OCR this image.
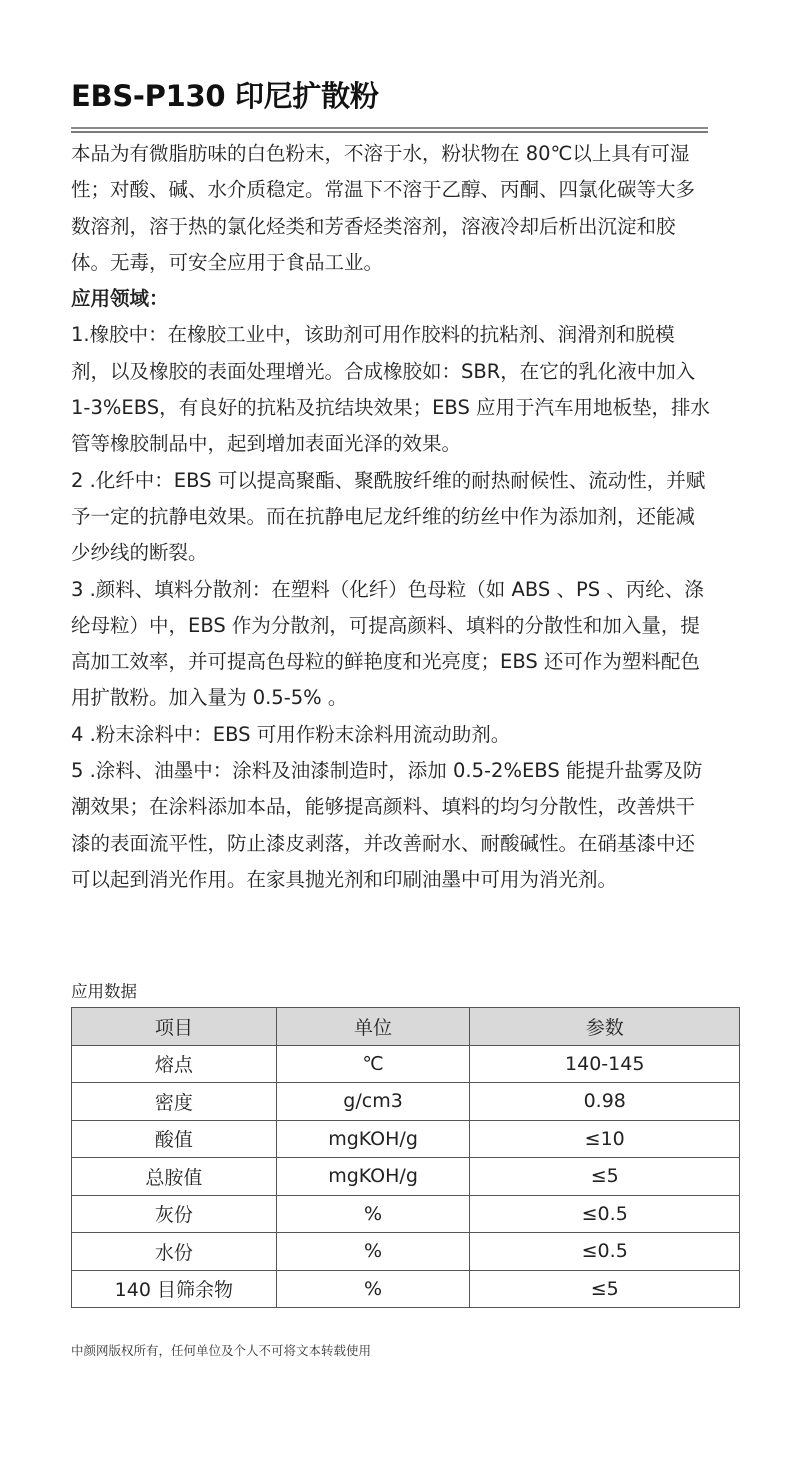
EBS-P130 印尼扩散粉

本品为有微脂肪味的白色粉末，不溶于水，粉状物在 80℃以上具有可湿性；对酸、碱、水介质稳定。常温下不溶于乙醇、丙酮、四氯化碳等大多数溶剂，溶于热的氯化烃类和芳香烃类溶剂，溶液冷却后析出沉淀和胶体。无毒，可安全应用于食品工业。

应用领域：

1.橡胶中：在橡胶工业中，该助剂可用作胶料的抗粘剂、润滑剂和脱模剂，以及橡胶的表面处理增光。合成橡胶如：SBR，在它的乳化液中加入 1-3%EBS，有良好的抗粘及抗结块效果；EBS 应用于汽车用地板垫，排水管等橡胶制品中，起到增加表面光泽的效果。

2 .化纤中：EBS 可以提高聚酯、聚酰胺纤维的耐热耐候性、流动性，并赋予一定的抗静电效果。而在抗静电尼龙纤维的纺丝中作为添加剂，还能减少纱线的断裂。

3 .颜料、填料分散剂：在塑料（化纤）色母粒（如 ABS 、PS 、丙纶、涤纶母粒）中，EBS 作为分散剂，可提高颜料、填料的分散性和加入量，提高加工效率，并可提高色母粒的鲜艳度和光亮度；EBS 还可作为塑料配色用扩散粉。加入量为 0.5-5% 。

4 .粉末涂料中：EBS 可用作粉末涂料用流动助剂。

5 .涂料、油墨中：涂料及油漆制造时，添加 0.5-2%EBS 能提升盐雾及防潮效果；在涂料添加本品，能够提高颜料、填料的均匀分散性，改善烘干漆的表面流平性，防止漆皮剥落，并改善耐水、耐酸碱性。在硝基漆中还可以起到消光作用。在家具抛光剂和印刷油墨中可用为消光剂。

应用数据
项目	单位	参数
熔点	℃	140-145
密度	g/cm3	0.98
酸值	mgKOH/g	≤10
总胺值	mgKOH/g	≤5
灰份	%	≤0.5
水份	%	≤0.5
140 目筛余物	%	≤5
中颜网版权所有，任何单位及个人不可将文本转载使用
